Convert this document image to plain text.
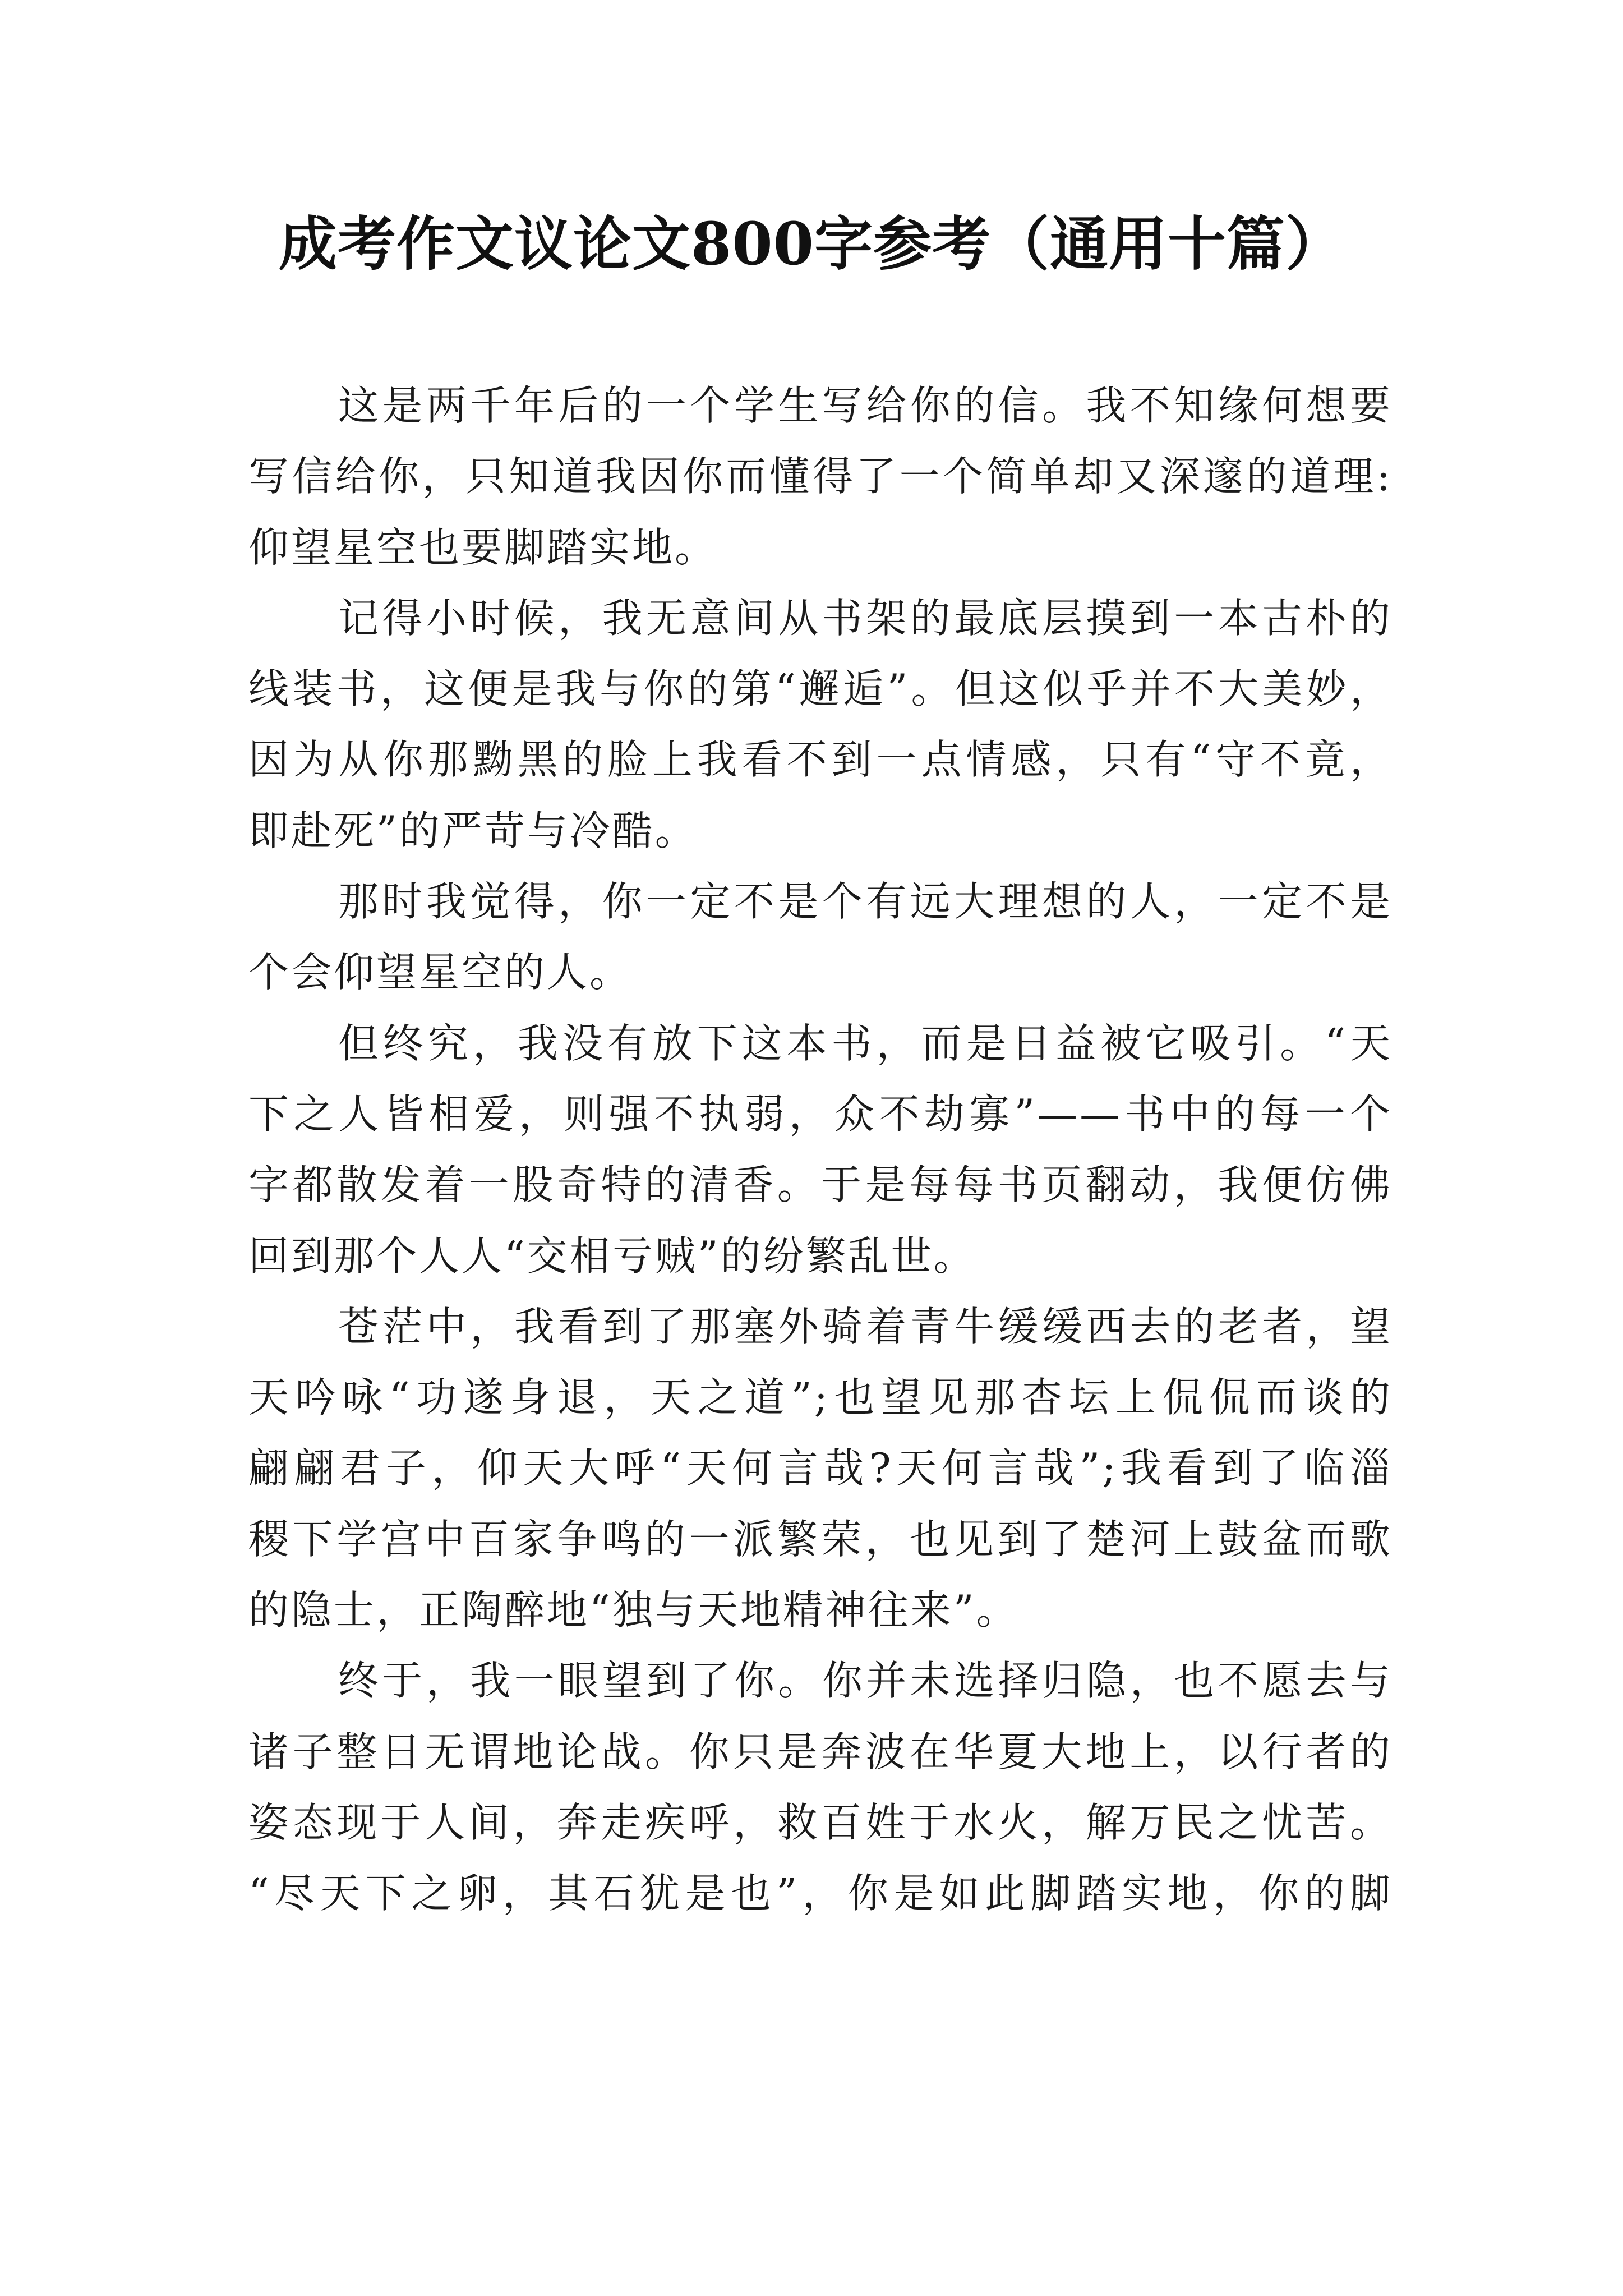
成考作文议论文800字参考（通用十篇）
这是两千年后的一个学生写给你的信。我不知缘何想要
写信给你，只知道我因你而懂得了一个简单却又深邃的道理:
仰望星空也要脚踏实地。
记得小时候，我无意间从书架的最底层摸到一本古朴的
线装书，这便是我与你的第“邂逅”。但这似乎并不大美妙，
因为从你那黝黑的脸上我看不到一点情感，只有“守不竟，
即赴死”的严苛与冷酷。
那时我觉得，你一定不是个有远大理想的人，一定不是
个会仰望星空的人。
但终究，我没有放下这本书，而是日益被它吸引。“天
下之人皆相爱，则强不执弱，众不劫寡”——书中的每一个
字都散发着一股奇特的清香。于是每每书页翻动，我便仿佛
回到那个人人“交相亏贼”的纷繁乱世。
苍茫中，我看到了那塞外骑着青牛缓缓西去的老者，望
天吟咏“功遂身退，天之道”;也望见那杏坛上侃侃而谈的
翩翩君子，仰天大呼“天何言哉?天何言哉”;我看到了临淄
稷下学宫中百家争鸣的一派繁荣，也见到了楚河上鼓盆而歌
的隐士，正陶醉地“独与天地精神往来”。
终于，我一眼望到了你。你并未选择归隐，也不愿去与
诸子整日无谓地论战。你只是奔波在华夏大地上，以行者的
姿态现于人间，奔走疾呼，救百姓于水火，解万民之忧苦。
“尽天下之卵，其石犹是也”，你是如此脚踏实地，你的脚
